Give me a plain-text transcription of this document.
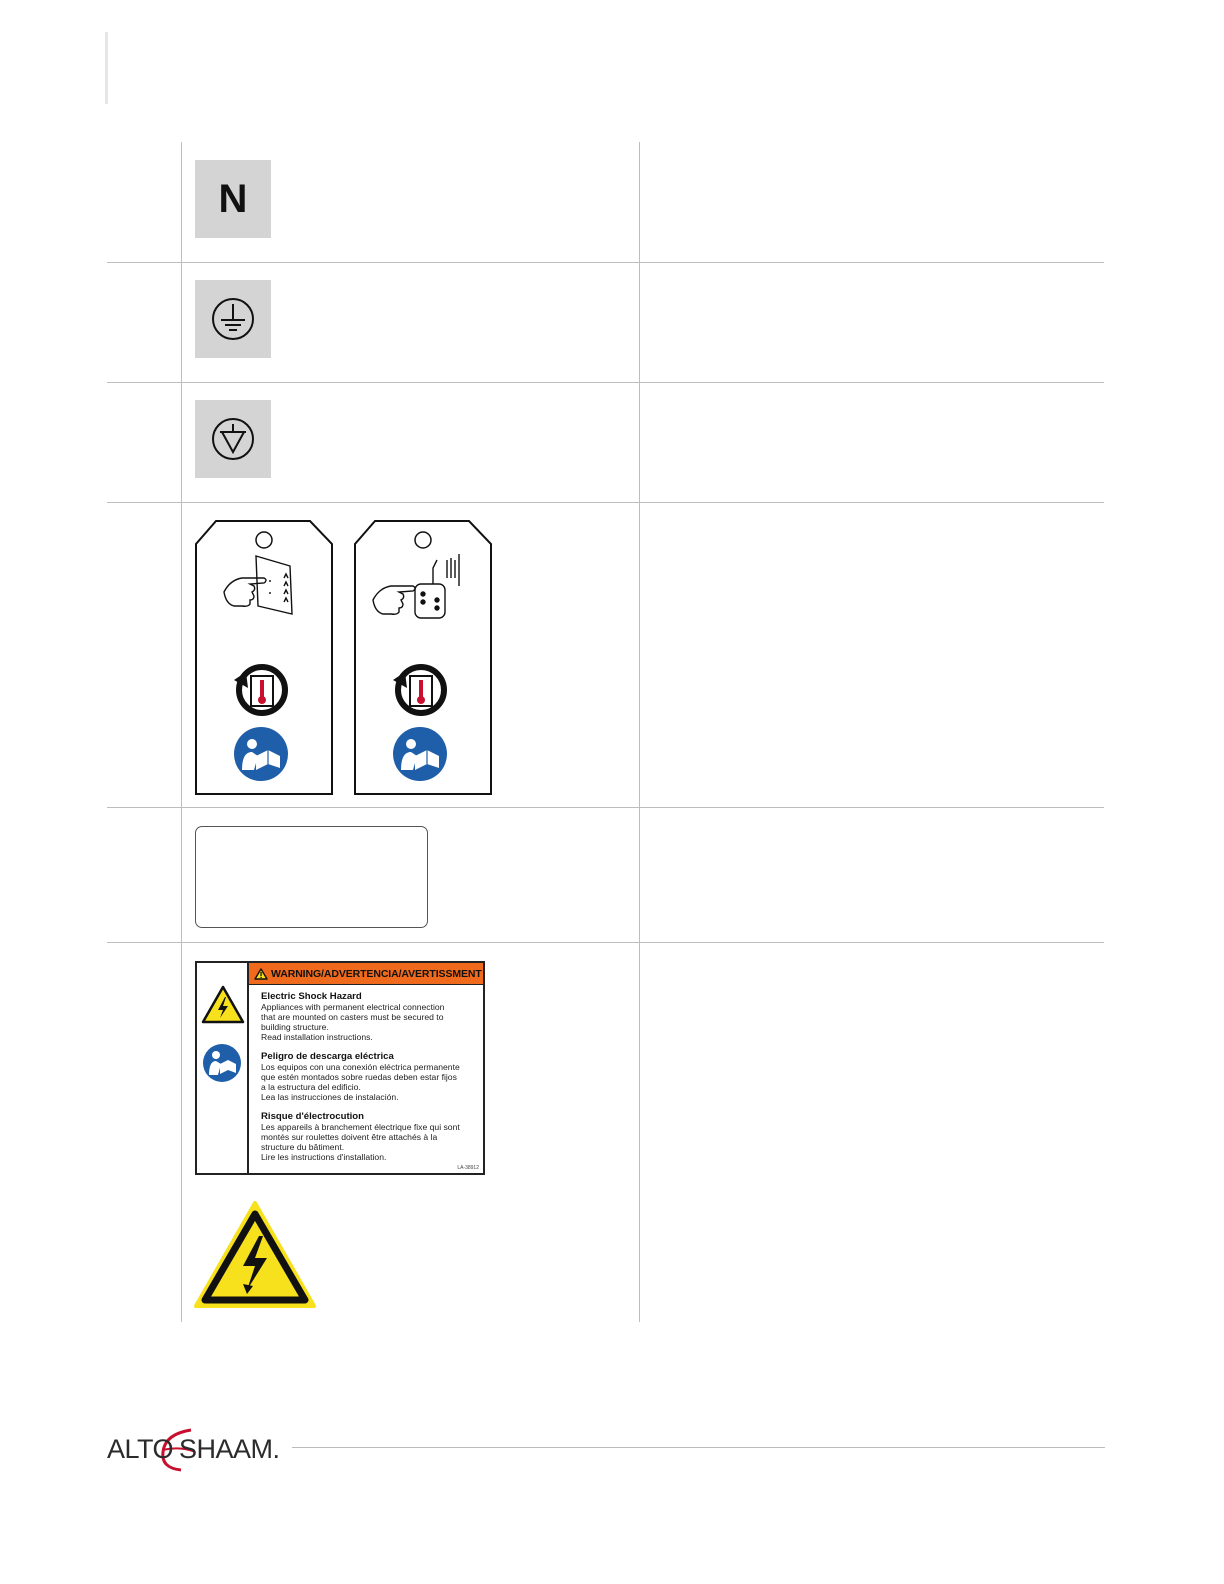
N
WARNING/ADVERTENCIA/AVERTISSMENT
Electric Shock Hazard
Appliances with permanent electrical connection
that are mounted on casters must be secured to
building structure.
Read installation instructions.
Peligro de descarga eléctrica
Los equipos con una conexión eléctrica permanente
que estén montados sobre ruedas deben estar fijos
a la estructura del edificio.
Lea las instrucciones de instalación.
Risque d'électrocution
Les appareils à branchement électrique fixe qui sont
montés sur roulettes doivent être attachés à la
structure du bâtiment.
Lire les instructions d'installation.
LA-38912
ALTO SHAAM.
